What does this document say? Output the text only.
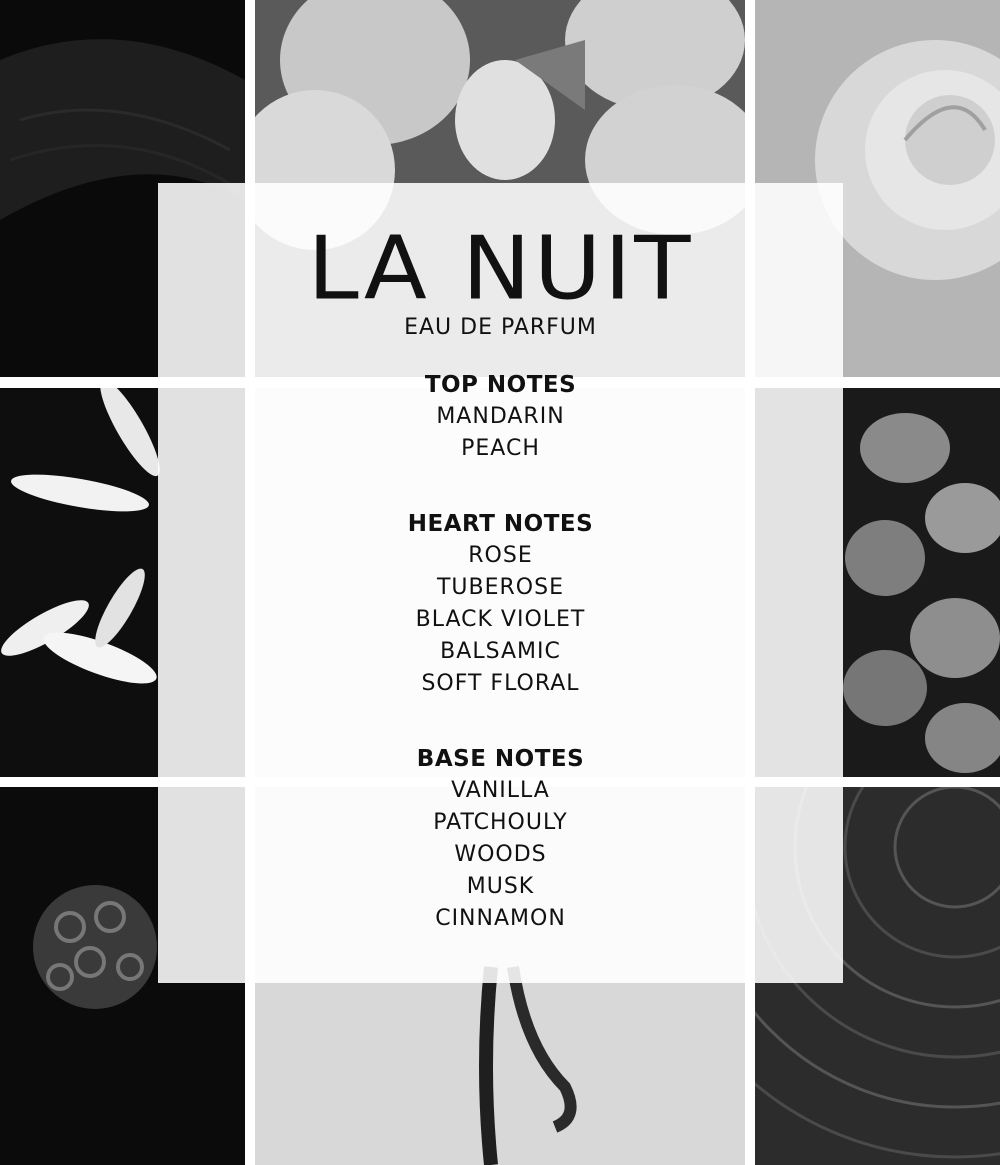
LA NUIT
EAU DE PARFUM
TOP NOTES
MANDARIN
PEACH
HEART NOTES
ROSE
TUBEROSE
BLACK VIOLET
BALSAMIC
SOFT FLORAL
BASE NOTES
VANILLA
PATCHOULY
WOODS
MUSK
CINNAMON
